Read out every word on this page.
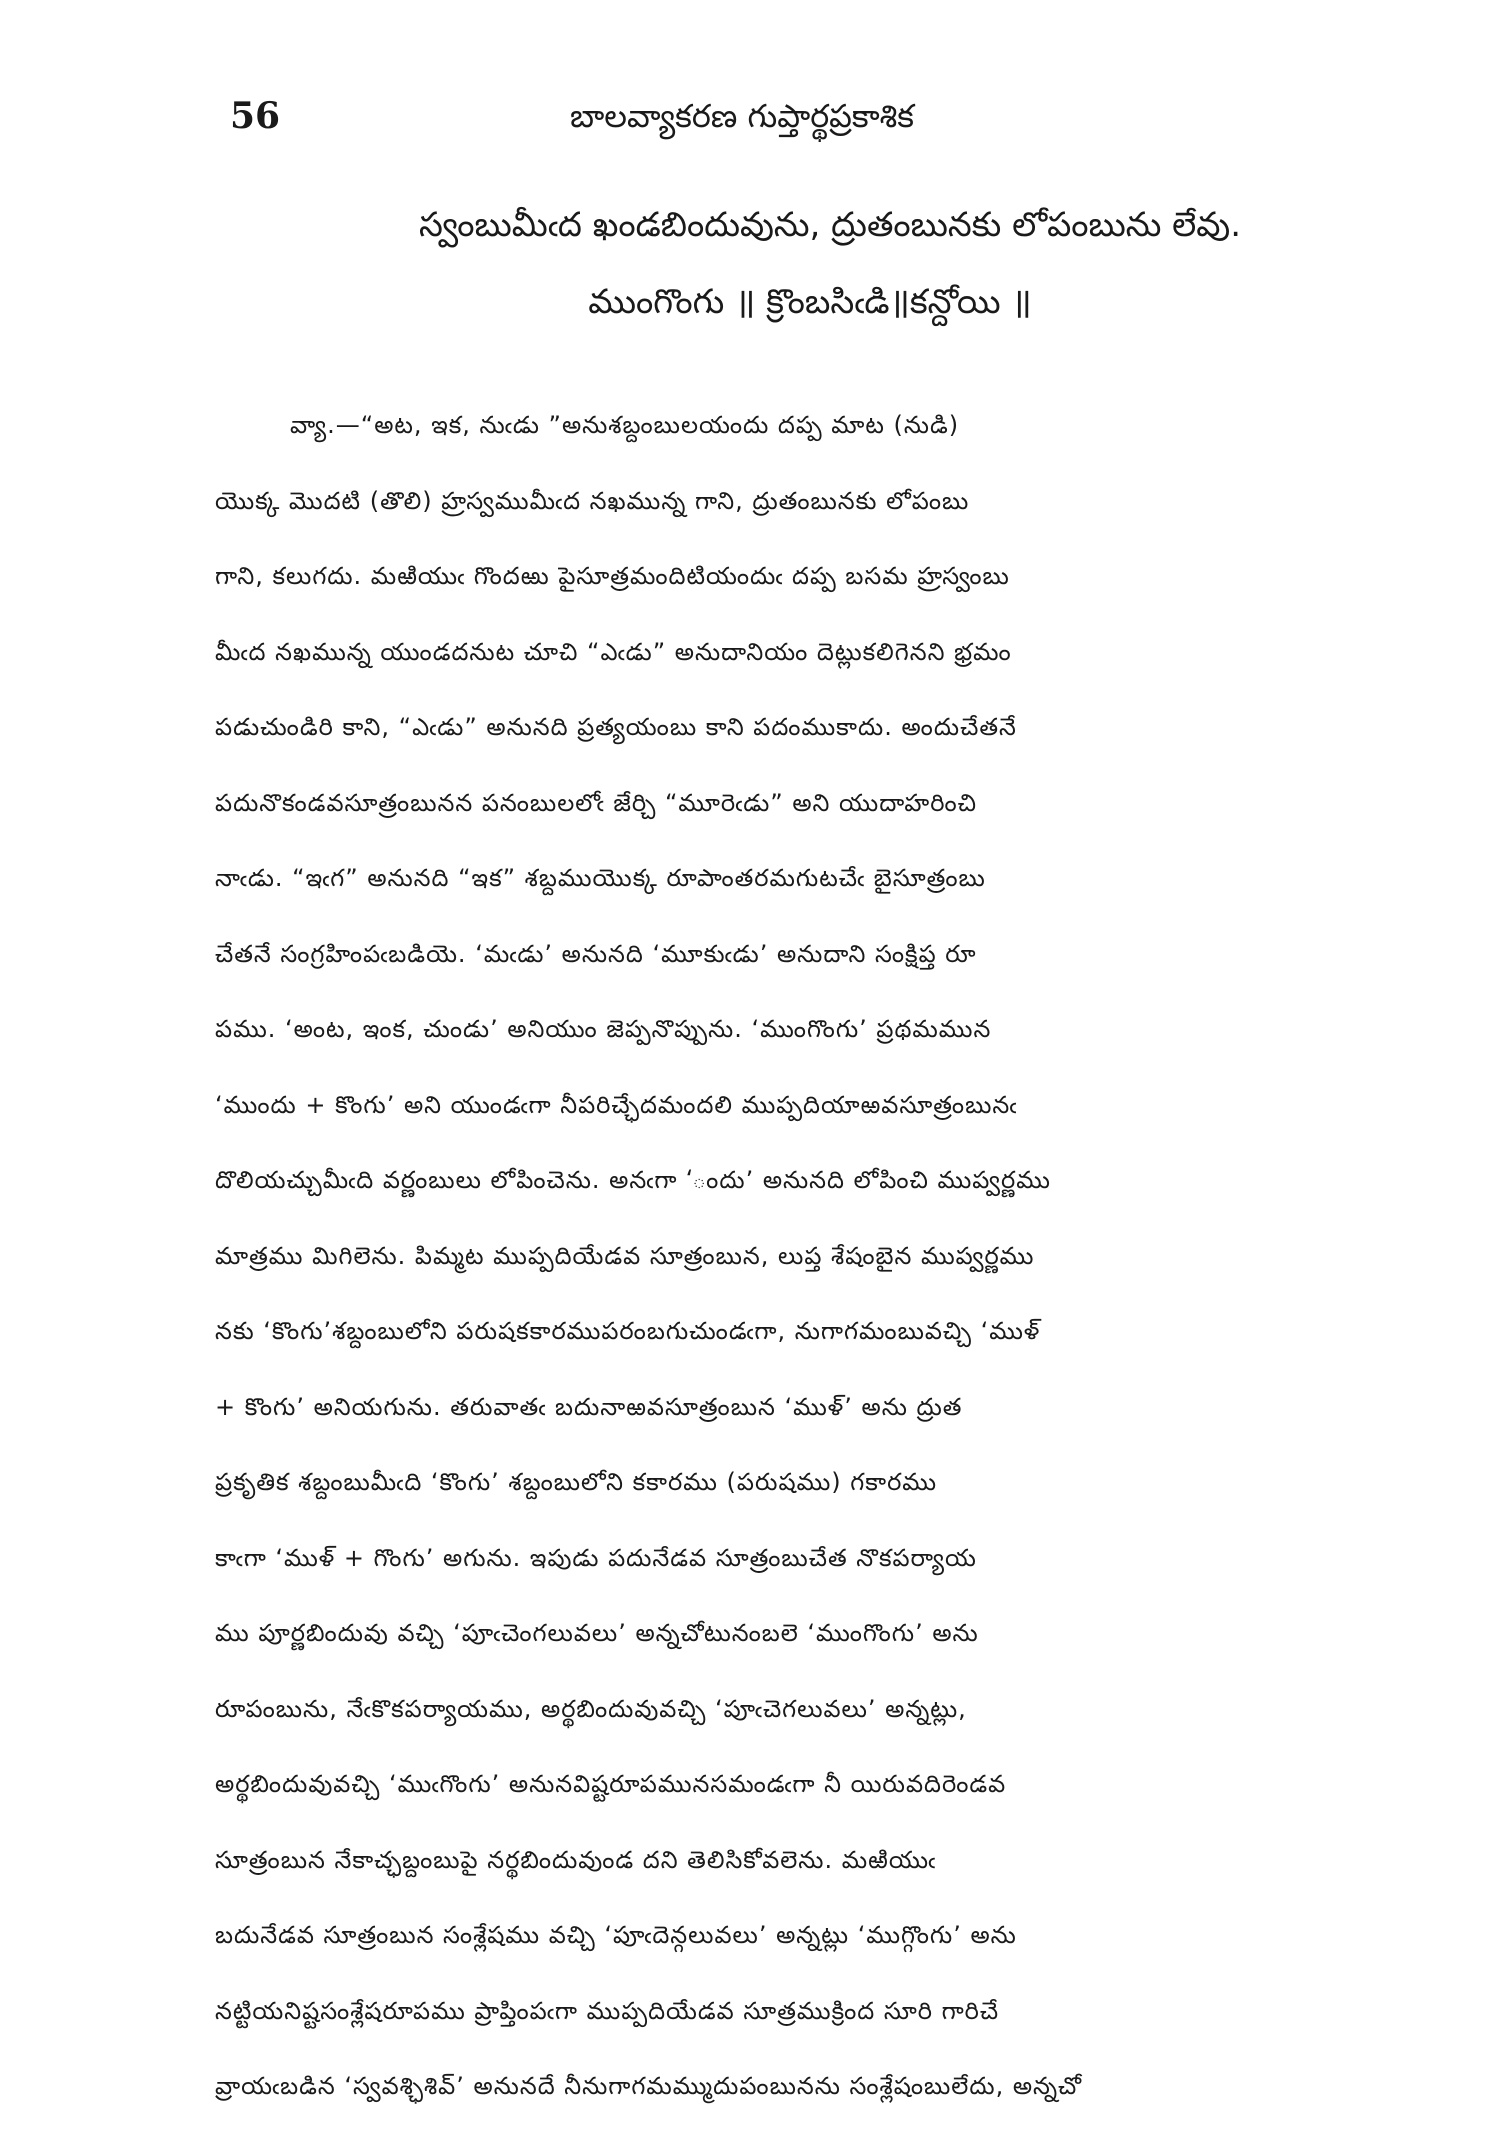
56	బాలవ్యాకరణ గుప్తార్థప్రకాశిక
స్వంబుమీఁద ఖండబిందువును, ద్రుతంబునకు లోపంబును లేవు.
ముంగొంగు ॥ క్రొంబసిఁడి॥కన్దోయి ॥
వ్యా.—“అట, ఇక, నుఁడు ”అనుశబ్దంబులయందు దప్ప మాట (నుడి)
యొక్క మొదటి (తొలి) హ్రస్వముమీఁద నఖమున్న గాని, ద్రుతంబునకు లోపంబు
గాని, కలుగదు. మఱియుఁ గొందఱు పైసూత్రమందిటియందుఁ దప్ప బసమ హ్రస్వంబు
మీఁద నఖమున్న యుండదనుట చూచి “ఎఁడు” అనుదానియం దెట్లుకలిగెనని భ్రమం
పడుచుండిరి కాని, “ఎఁడు” అనునది ప్రత్యయంబు కాని పదంముకాదు. అందుచేతనే
పదునొకండవసూత్రంబునన పనంబులలోఁ జేర్చి “మూరెఁడు” అని యుదాహరించి
నాఁడు. “ఇఁగ” అనునది “ఇక” శబ్దముయొక్క రూపాంతరమగుటచేఁ బైసూత్రంబు
చేతనే సంగ్రహింపఁబడియె. ‘మఁడు’ అనునది ‘మూకుఁడు’ అనుదాని సంక్షిప్త రూ
పము. ‘అంట, ఇంక, చుండు’ అనియుం జెప్పనొప్పును. ‘ముంగొంగు’ ప్రథమమున
‘ముందు + కొంగు’ అని యుండఁగా నీపరిచ్ఛేదమందలి ముప్పదియాఱవసూత్రంబునఁ
దొలియచ్చుమీఁది వర్ణంబులు లోపించెను. అనఁగా ‘ందు’ అనునది లోపించి ముప్వర్ణము
మాత్రము మిగిలెను. పిమ్మట ముప్పదియేడవ సూత్రంబున, లుప్త శేషంబైన ముప్వర్ణము
నకు ‘కొంగు’శబ్దంబులోని పరుషకకారముపరంబగుచుండఁగా, నుగాగమంబువచ్చి ‘ముళ్
+ కొంగు’ అనియగును. తరువాతఁ బదునాఱవసూత్రంబున ‘ముళ్’ అను ద్రుత
ప్రకృతిక శబ్దంబుమీఁది ‘కొంగు’ శబ్దంబులోని కకారము (పరుషము) గకారము
కాఁగా ‘ముళ్ + గొంగు’ అగును. ఇపుడు పదునేడవ సూత్రంబుచేత నొకపర్యాయ
ము పూర్ణబిందువు వచ్చి ‘పూఁచెంగలువలు’ అన్నచోటునంబలె ‘ముంగొంగు’ అను
రూపంబును, నేఁకొకపర్యాయము, అర్థబిందువువచ్చి ‘పూఁచెగలువలు’ అన్నట్లు,
అర్థబిందువువచ్చి ‘ముఁగొంగు’ అనునవిష్టరూపమునసమండఁగా నీ యిరువదిరెండవ
సూత్రంబున నేకాచ్ఛబ్దంబుపై నర్థబిందువుండ దని తెలిసికోవలెను. మఱియుఁ
బదునేడవ సూత్రంబున సంశ్లేషము వచ్చి ‘పూఁదెన్గలువలు’ అన్నట్లు ‘ముగ్గొంగు’ అను
నట్టియనిష్టసంశ్లేషరూపము ప్రాప్తింపఁగా ముప్పదియేడవ సూత్రముక్రింద సూరి గారిచే
వ్రాయఁబడిన ‘స్వవశ్ఛిశివ్’ అనునదే నీనుగాగమమ్ముదుపంబునను సంశ్లేషంబులేదు, అన్నచో
